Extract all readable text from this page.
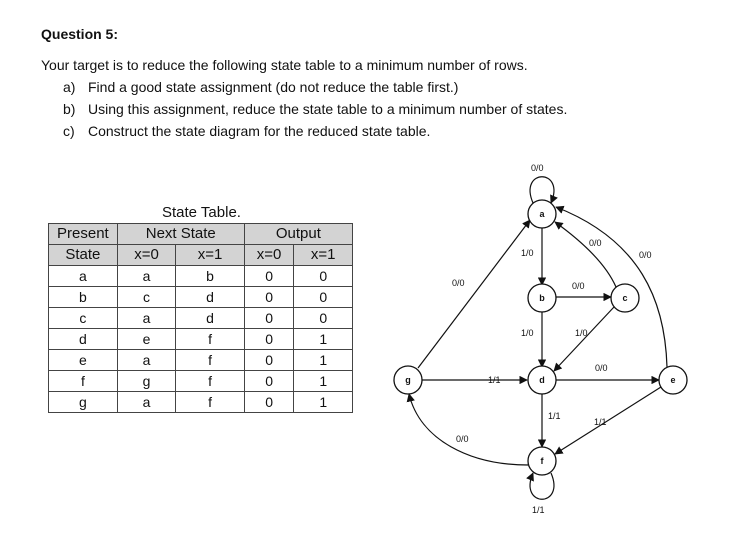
Question 5:
Your target is to reduce the following state table to a minimum number of rows.
a) Find a good state assignment (do not reduce the table first.)
b) Using this assignment, reduce the state table to a minimum number of states.
c) Construct the state diagram for the reduced state table.
State Table.
Present	Next State		Output	
State	x=0	x=1	x=0	x=1
a	a	b	0	0
b	c	d	0	0
c	a	d	0	0
d	e	f	0	1
e	a	f	0	1
f	g	f	0	1
g	a	f	0	1
a
b	c
d	e
f
g
0/0
1/0
0/0
0/0
0/0	0/0
1/0	1/0
0/0
1/1
1/1
1/1
0/0
1/1
